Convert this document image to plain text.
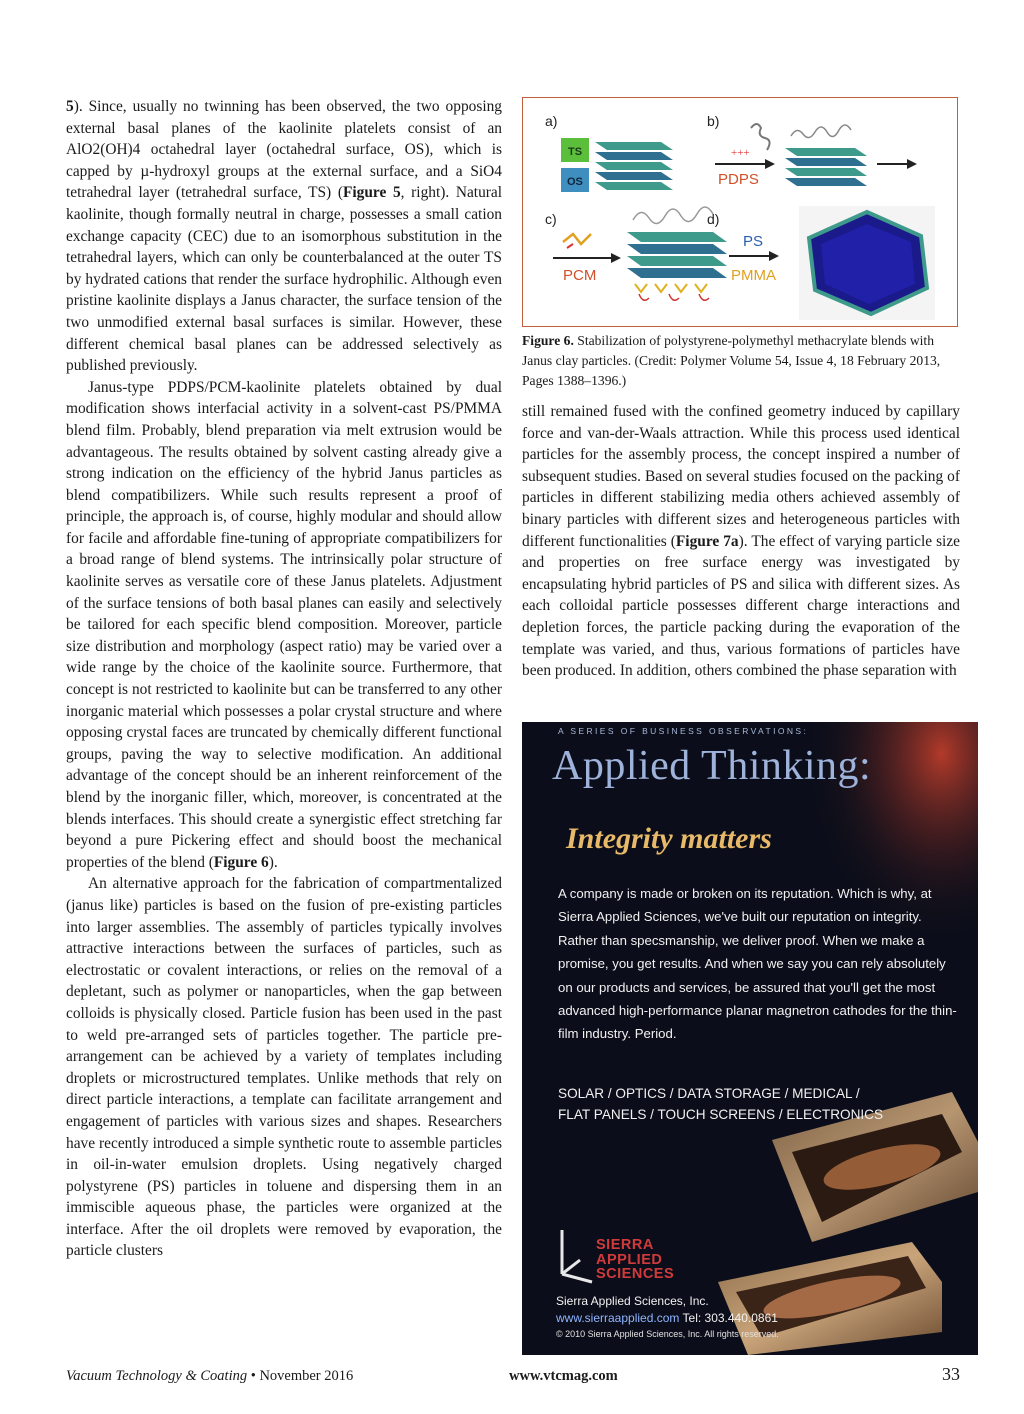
5). Since, usually no twinning has been observed, the two opposing external basal planes of the kaolinite platelets consist of an AlO2(OH)4 octahedral layer (octahedral surface, OS), which is capped by µ-hydroxyl groups at the external surface, and a SiO4 tetrahedral layer (tetrahedral surface, TS) (Figure 5, right). Natural kaolinite, though formally neutral in charge, possesses a small cation exchange capacity (CEC) due to an isomorphous substitution in the tetrahedral layers, which can only be counterbalanced at the outer TS by hydrated cations that render the surface hydrophilic. Although even pristine kaolinite displays a Janus character, the surface tension of the two unmodified external basal surfaces is similar. However, these different chemical basal planes can be addressed selectively as published previously.

Janus-type PDPS/PCM-kaolinite platelets obtained by dual modification shows interfacial activity in a solvent-cast PS/PMMA blend film. Probably, blend preparation via melt extrusion would be advantageous. The results obtained by solvent casting already give a strong indication on the efficiency of the hybrid Janus particles as blend compatibilizers. While such results represent a proof of principle, the approach is, of course, highly modular and should allow for facile and affordable fine-tuning of appropriate compatibilizers for a broad range of blend systems. The intrinsically polar structure of kaolinite serves as versatile core of these Janus platelets. Adjustment of the surface tensions of both basal planes can easily and selectively be tailored for each specific blend composition. Moreover, particle size distribution and morphology (aspect ratio) may be varied over a wide range by the choice of the kaolinite source. Furthermore, that concept is not restricted to kaolinite but can be transferred to any other inorganic material which possesses a polar crystal structure and where opposing crystal faces are truncated by chemically different functional groups, paving the way to selective modification. An additional advantage of the concept should be an inherent reinforcement of the blend by the inorganic filler, which, moreover, is concentrated at the blends interfaces. This should create a synergistic effect stretching far beyond a pure Pickering effect and should boost the mechanical properties of the blend (Figure 6).

An alternative approach for the fabrication of compartmentalized (janus like) particles is based on the fusion of pre-existing particles into larger assemblies. The assembly of particles typically involves attractive interactions between the surfaces of particles, such as electrostatic or covalent interactions, or relies on the removal of a depletant, such as polymer or nanoparticles, when the gap between colloids is physically closed. Particle fusion has been used in the past to weld pre-arranged sets of particles together. The particle pre-arrangement can be achieved by a variety of templates including droplets or microstructured templates. Unlike methods that rely on direct particle interactions, a template can facilitate arrangement and engagement of particles with various sizes and shapes. Researchers have recently introduced a simple synthetic route to assemble particles in oil-in-water emulsion droplets. Using negatively charged polystyrene (PS) particles in toluene and dispersing them in an immiscible aqueous phase, the particles were organized at the interface. After the oil droplets were removed by evaporation, the particle clusters

a)
TS
OS
b)
+++
PDPS
c)
PCM
d)
PS
PMMA
Figure 6. Stabilization of polystyrene-polymethyl methacrylate blends with Janus clay particles. (Credit: Polymer Volume 54, Issue 4, 18 February 2013, Pages 1388–1396.)

still remained fused with the confined geometry induced by capillary force and van-der-Waals attraction. While this process used identical particles for the assembly process, the concept inspired a number of subsequent studies. Based on several studies focused on the packing of particles in different stabilizing media others achieved assembly of binary particles with different sizes and heterogeneous particles with different functionalities (Figure 7a). The effect of varying particle size and properties on free surface energy was investigated by encapsulating hybrid particles of PS and silica with different sizes. As each colloidal particle possesses different charge interactions and depletion forces, the particle packing during the evaporation of the template was varied, and thus, various formations of particles have been produced. In addition, others combined the phase separation with

A SERIES OF BUSINESS OBSERVATIONS:
Applied Thinking:
Integrity matters
A company is made or broken on its reputation. Which is why, at Sierra Applied Sciences, we've built our reputation on integrity. Rather than specsmanship, we deliver proof. When we make a promise, you get results. And when we say you can rely absolutely on our products and services, be assured that you'll get the most advanced high-performance planar magnetron cathodes for the thin-film industry. Period.
SOLAR / OPTICS / DATA STORAGE / MEDICAL /
FLAT PANELS / TOUCH SCREENS / ELECTRONICS
SIERRA
APPLIED
SCIENCES
Sierra Applied Sciences, Inc.
www.sierraapplied.com Tel: 303.440.0861
© 2010 Sierra Applied Sciences, Inc. All rights reserved.
Vacuum Technology & Coating • November 2016	www.vtcmag.com	33
